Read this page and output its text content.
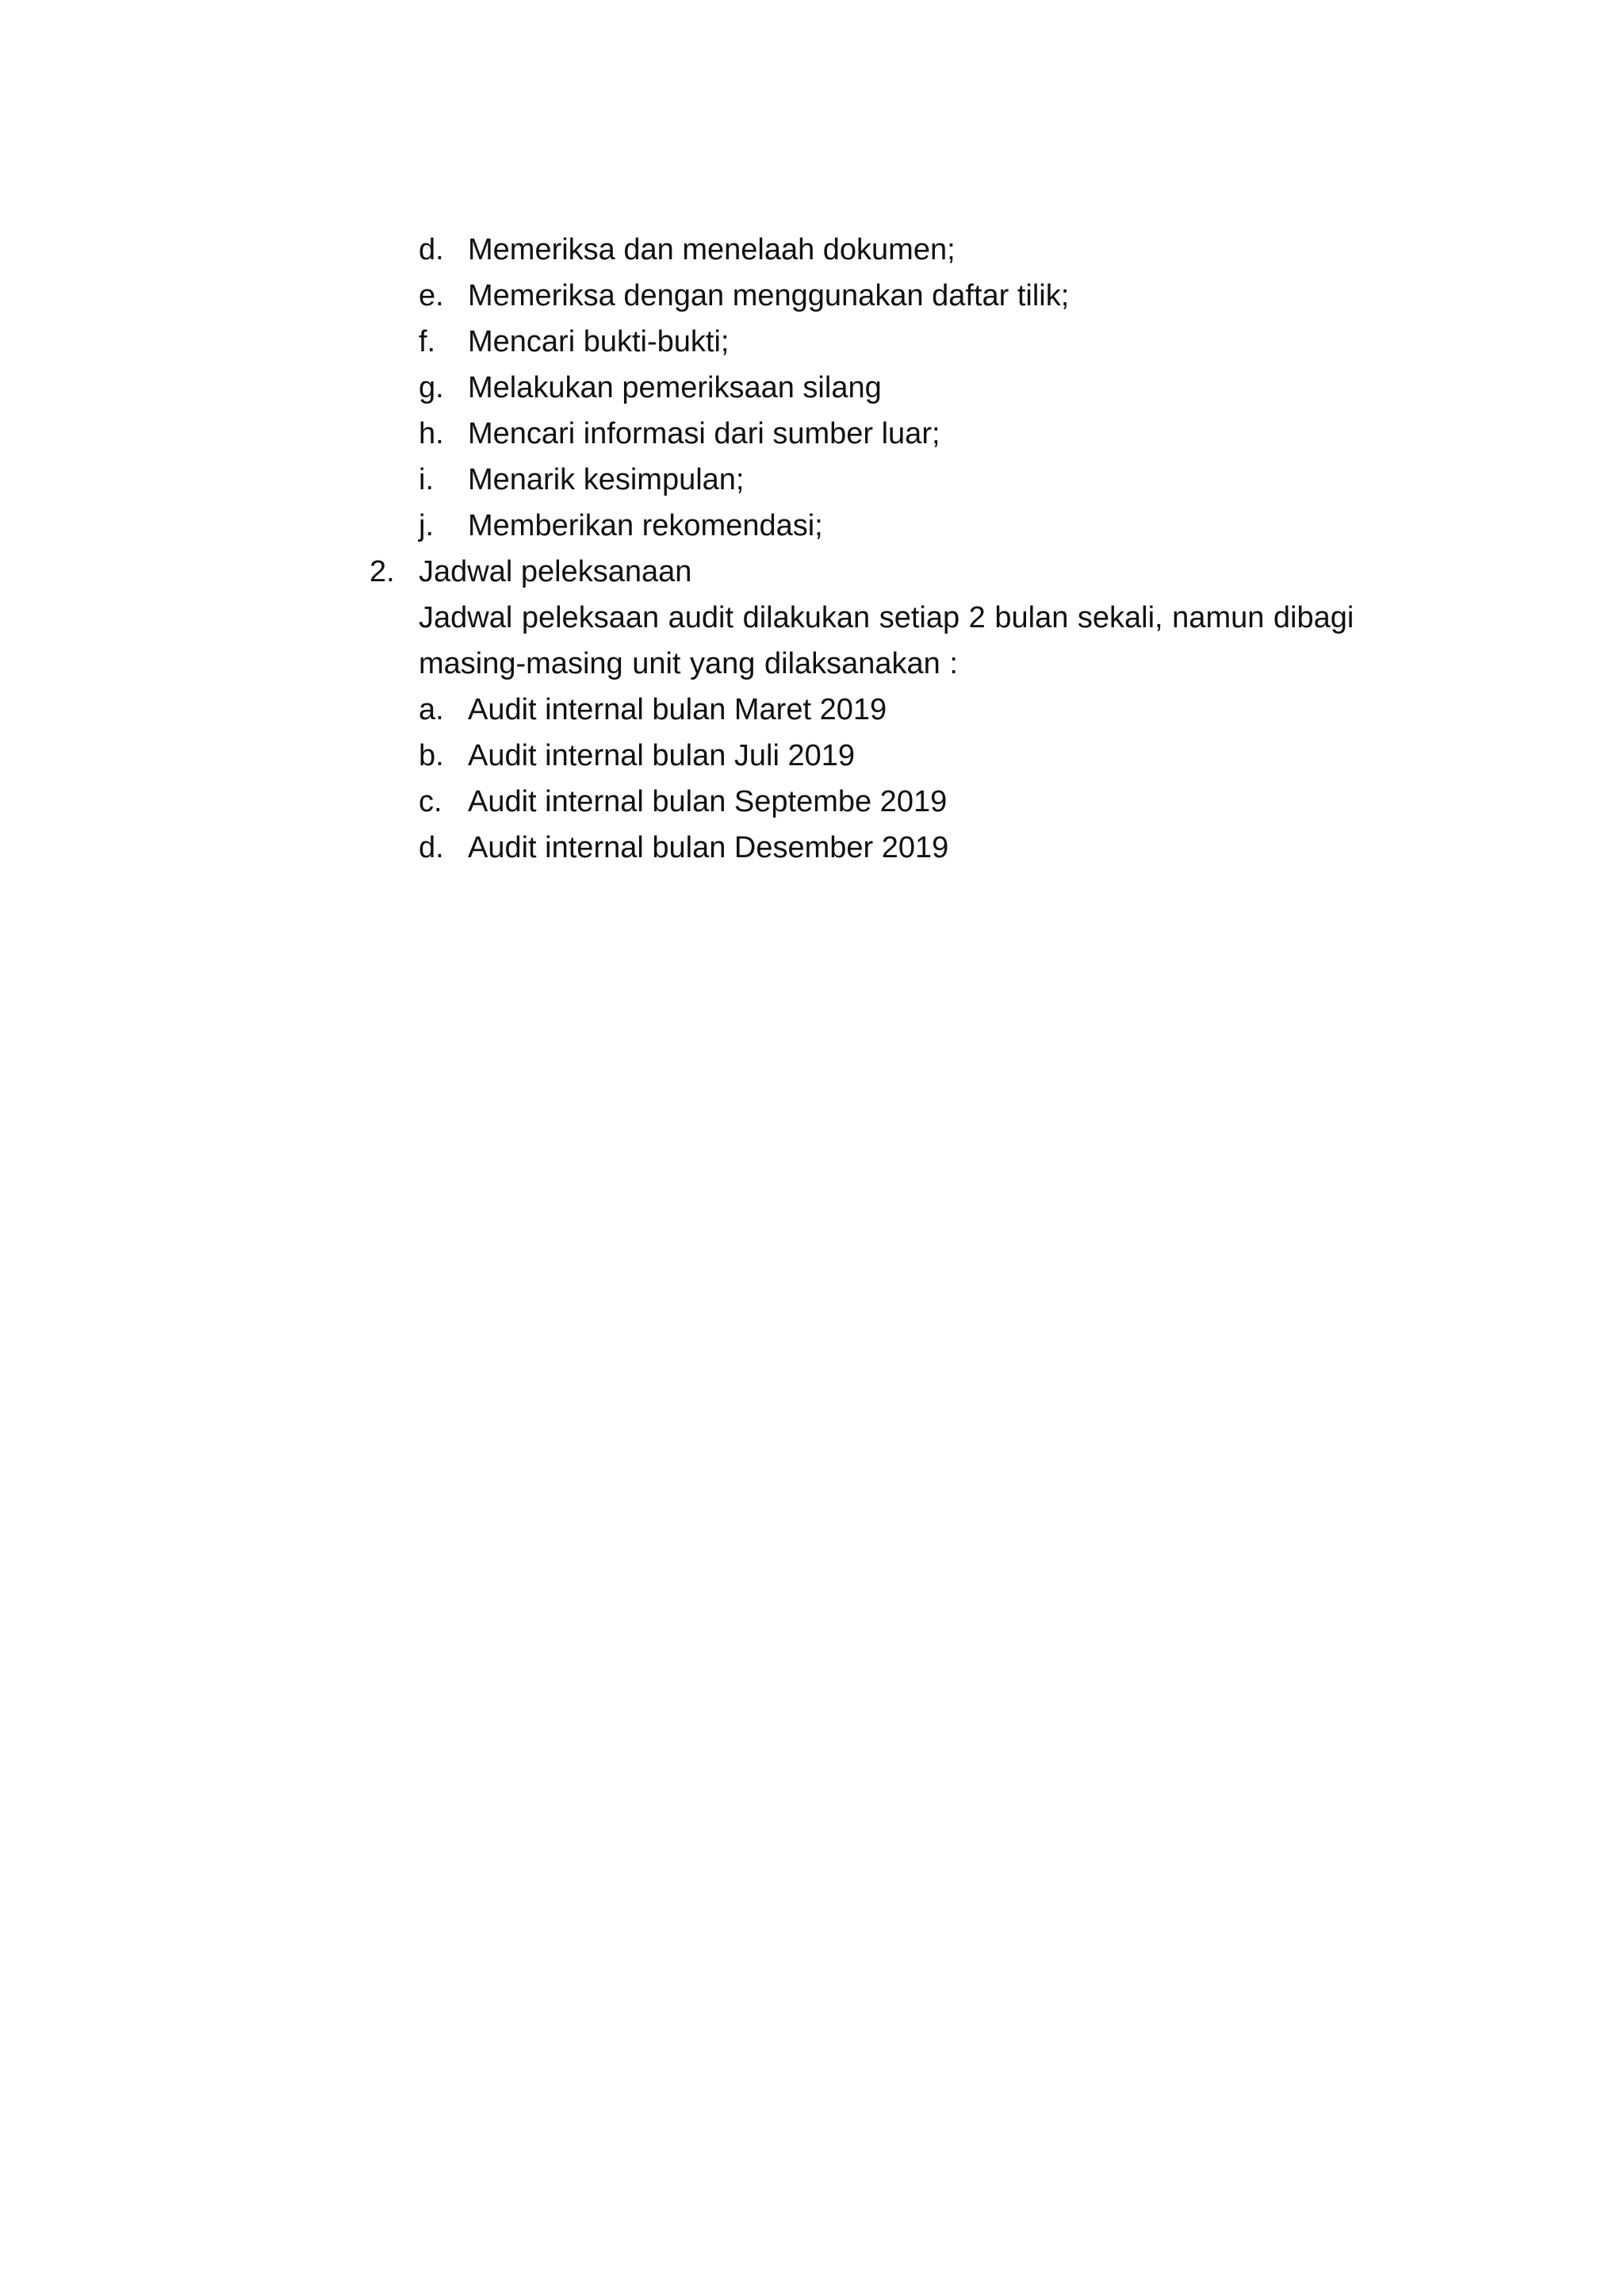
d. Memeriksa dan menelaah dokumen;
e. Memeriksa dengan menggunakan daftar tilik;
f. Mencari bukti-bukti;
g. Melakukan pemeriksaan silang
h. Mencari informasi dari sumber luar;
i. Menarik kesimpulan;
j. Memberikan rekomendasi;
2. Jadwal peleksanaan
Jadwal peleksaan audit dilakukan setiap 2 bulan sekali, namun dibagi
masing-masing unit yang dilaksanakan :
a. Audit internal bulan Maret 2019
b. Audit internal bulan Juli 2019
c. Audit internal bulan Septembe 2019
d. Audit internal bulan Desember 2019
